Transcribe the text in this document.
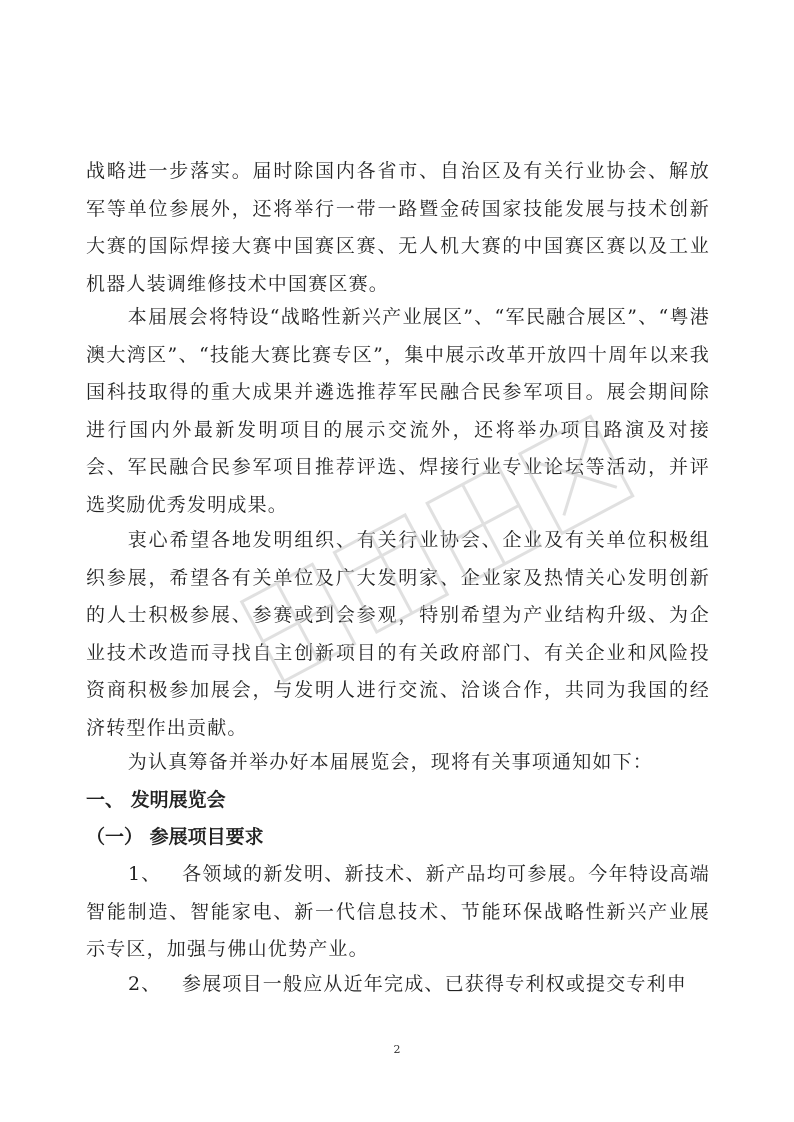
战略进一步落实。届时除国内各省市、自治区及有关行业协会、解放军等单位参展外，还将举行一带一路暨金砖国家技能发展与技术创新大赛的国际焊接大赛中国赛区赛、无人机大赛的中国赛区赛以及工业机器人装调维修技术中国赛区赛。

本届展会将特设“战略性新兴产业展区”、“军民融合展区”、“粤港澳大湾区”、“技能大赛比赛专区”，集中展示改革开放四十周年以来我国科技取得的重大成果并遴选推荐军民融合民参军项目。展会期间除进行国内外最新发明项目的展示交流外，还将举办项目路演及对接会、军民融合民参军项目推荐评选、焊接行业专业论坛等活动，并评选奖励优秀发明成果。

衷心希望各地发明组织、有关行业协会、企业及有关单位积极组织参展，希望各有关单位及广大发明家、企业家及热情关心发明创新的人士积极参展、参赛或到会参观，特别希望为产业结构升级、为企业技术改造而寻找自主创新项目的有关政府部门、有关企业和风险投资商积极参加展会，与发明人进行交流、洽谈合作，共同为我国的经济转型作出贡献。

为认真筹备并举办好本届展览会，现将有关事项通知如下：

一、 发明展览会

（一） 参展项目要求

1、 各领域的新发明、新技术、新产品均可参展。今年特设高端智能制造、智能家电、新一代信息技术、节能环保战略性新兴产业展示专区，加强与佛山优势产业。

2、 参展项目一般应从近年完成、已获得专利权或提交专利申

2
